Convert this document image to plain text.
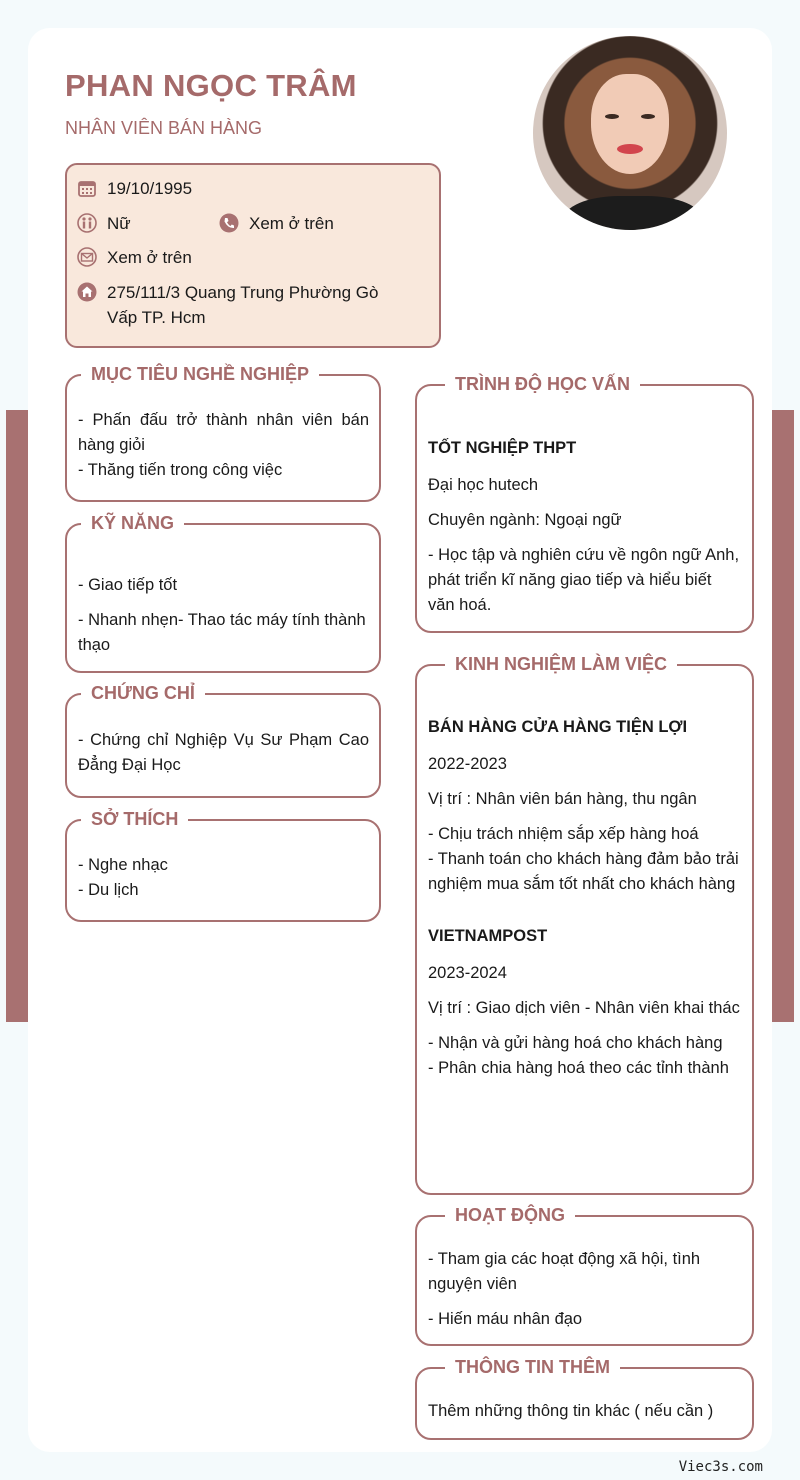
PHAN NGỌC TRÂM
NHÂN VIÊN BÁN HÀNG
19/10/1995
Nữ	Xem ở trên
Xem ở trên
275/111/3 Quang Trung Phường Gò
Vấp TP. Hcm
MỤC TIÊU NGHỀ NGHIỆP

- Phấn đấu trở thành nhân viên bán hàng giỏi

- Thăng tiến trong công việc

KỸ NĂNG

- Giao tiếp tốt

- Nhanh nhẹn- Thao tác máy tính thành thạo

CHỨNG CHỈ

- Chứng chỉ Nghiệp Vụ Sư Phạm Cao Đẳng Đại Học

SỞ THÍCH

- Nghe nhạc

- Du lịch

TRÌNH ĐỘ HỌC VẤN

TỐT NGHIỆP THPT

Đại học hutech

Chuyên ngành: Ngoại ngữ

- Học tập và nghiên cứu về ngôn ngữ Anh, phát triển kĩ năng giao tiếp và hiểu biết văn hoá.

KINH NGHIỆM LÀM VIỆC

BÁN HÀNG CỬA HÀNG TIỆN LỢI

2022-2023

Vị trí : Nhân viên bán hàng, thu ngân

- Chịu trách nhiệm sắp xếp hàng hoá

- Thanh toán cho khách hàng đảm bảo trải nghiệm mua sắm tốt nhất cho khách hàng

VIETNAMPOST

2023-2024

Vị trí : Giao dịch viên - Nhân viên khai thác

- Nhận và gửi hàng hoá cho khách hàng

- Phân chia hàng hoá theo các tỉnh thành

HOẠT ĐỘNG

- Tham gia các hoạt động xã hội, tình nguyện viên

- Hiến máu nhân đạo

THÔNG TIN THÊM

Thêm những thông tin khác ( nếu cần )

Viec3s.com
